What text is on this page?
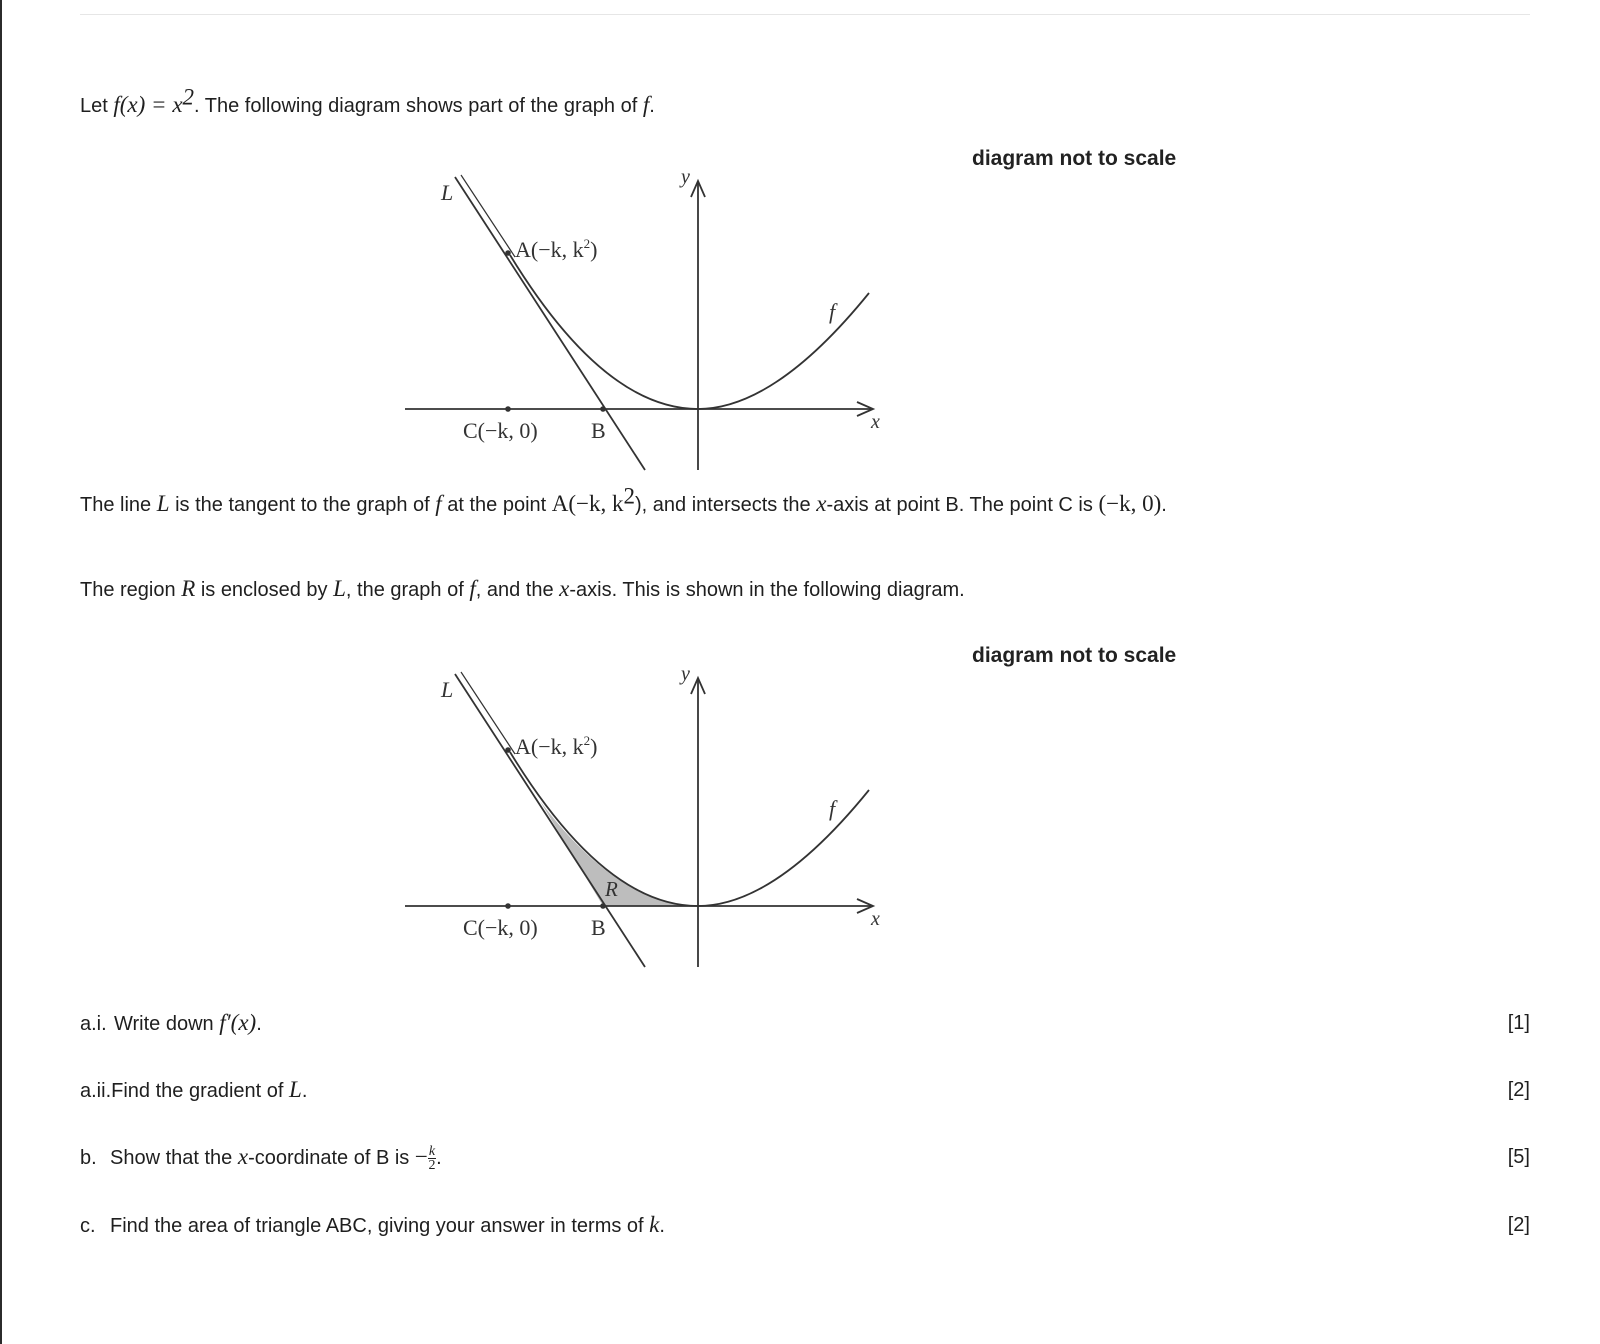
Let $f(x) = x^2$. The following diagram shows part of the graph of f.
diagram not to scale
L
y
x
f
A(−k, $k^2$)
C(−k, 0) B
The line L is the tangent to the graph of f at the point A(−k, $k^2$), and intersects the x-axis at point B. The point C is (−k, 0).
The region R is enclosed by L, the graph of f, and the x-axis. This is shown in the following diagram.
diagram not to scale
L
y
x
f
A(−k, $k^2$)
R
C(−k, 0) B
a.i. Write down f′(x).	[1]
a.ii.Find the gradient of L.	[2]
b. Show that the x-coordinate of B is − $\frac{k}{2}$ .	[5]
c. Find the area of triangle ABC, giving your answer in terms of k.	[2]
